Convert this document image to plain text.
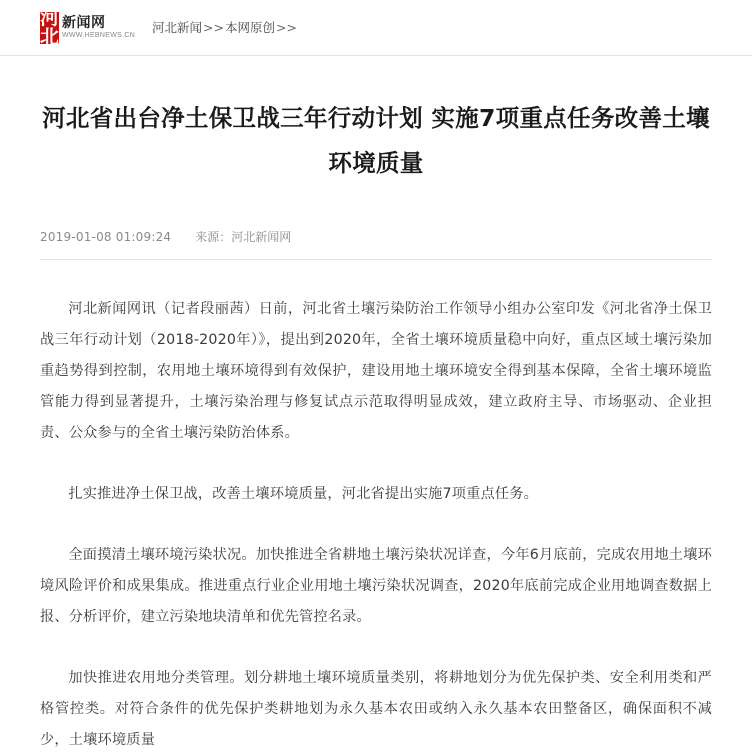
河北
新闻网
WWW.HEBNEWS.CN
河北新闻>>本网原创>>
河北省出台净土保卫战三年行动计划 实施7项重点任务改善土壤环境质量
2019-01-08 01:09:24 来源：河北新闻网

河北新闻网讯（记者段丽茜）日前，河北省土壤污染防治工作领导小组办公室印发《河北省净土保卫战三年行动计划（2018-2020年）》，提出到2020年，全省土壤环境质量稳中向好，重点区域土壤污染加重趋势得到控制，农用地土壤环境得到有效保护，建设用地土壤环境安全得到基本保障，全省土壤环境监管能力得到显著提升，土壤污染治理与修复试点示范取得明显成效，建立政府主导、市场驱动、企业担责、公众参与的全省土壤污染防治体系。

扎实推进净土保卫战，改善土壤环境质量，河北省提出实施7项重点任务。

全面摸清土壤环境污染状况。加快推进全省耕地土壤污染状况详查，今年6月底前，完成农用地土壤环境风险评价和成果集成。推进重点行业企业用地土壤污染状况调查，2020年底前完成企业用地调查数据上报、分析评价，建立污染地块清单和优先管控名录。

加快推进农用地分类管理。划分耕地土壤环境质量类别，将耕地划分为优先保护类、安全利用类和严格管控类。对符合条件的优先保护类耕地划为永久基本农田或纳入永久基本农田整备区，确保面积不减少，土壤环境质量
